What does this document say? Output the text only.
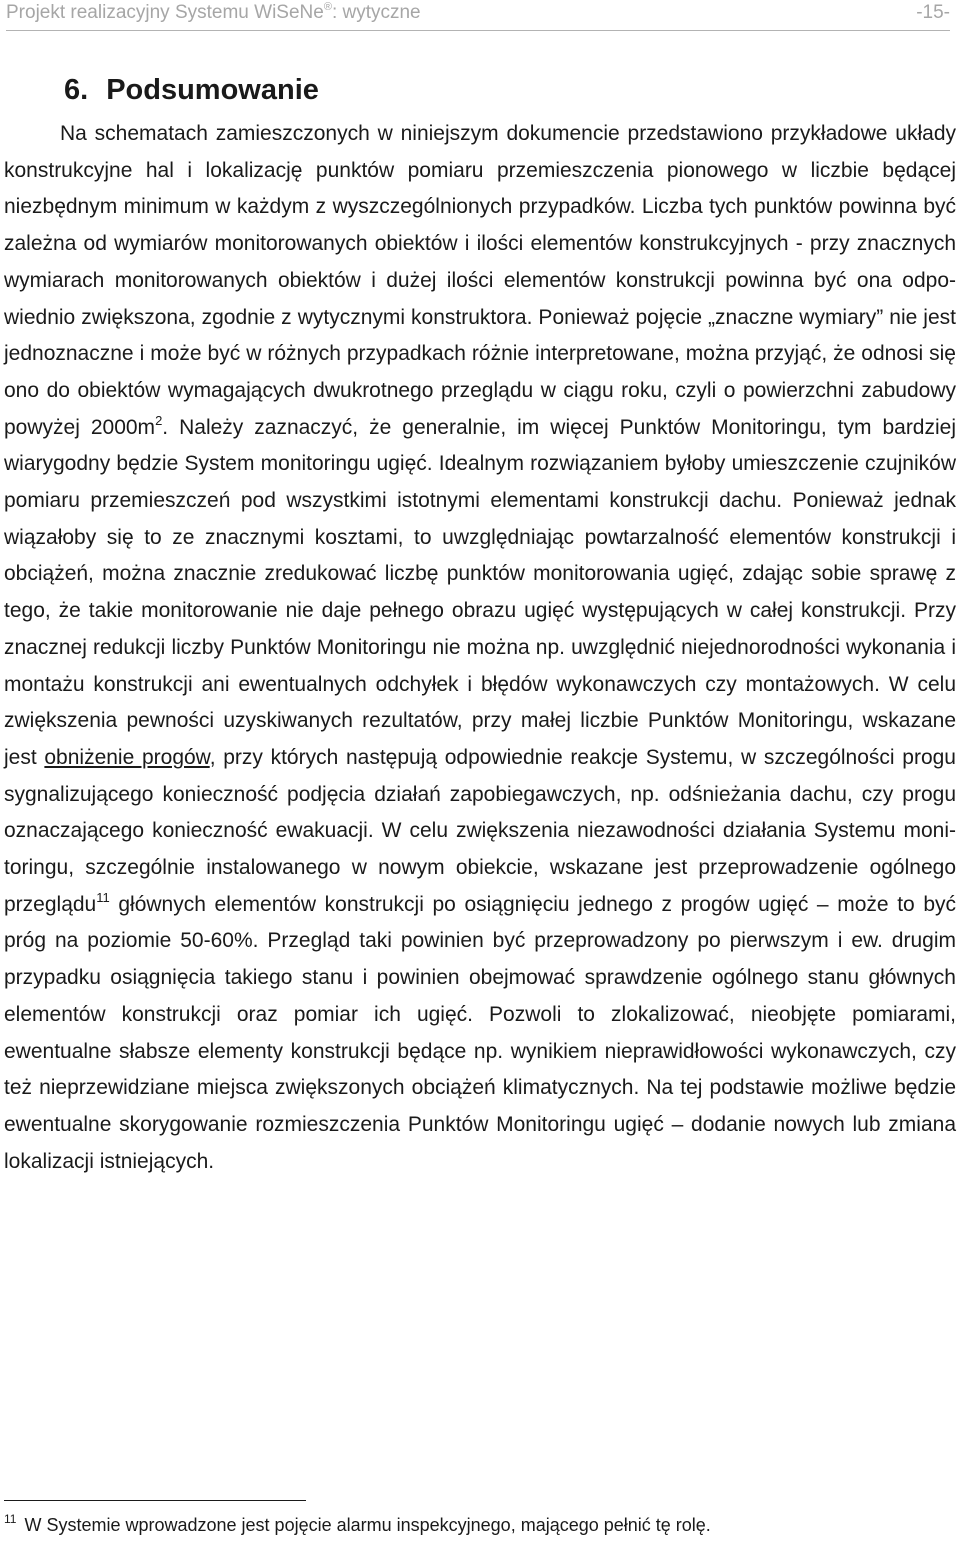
Projekt realizacyjny Systemu WiSeNe®: wytyczne	-15-
6. Podsumowanie

Na schematach zamieszczonych w niniejszym dokumencie przedstawiono przykładowe układy konstrukcyjne hal i lokalizację punktów pomiaru przemieszczenia pionowego w liczbie będącej niezbędnym minimum w każdym z wyszczególnionych przypadków. Liczba tych punktów powinna być zależna od wymiarów monitorowanych obiektów i ilości elementów konstrukcyjnych - przy znacznych wymiarach monitorowanych obiektów i dużej ilości elementów konstrukcji powinna być ona odpowiednio zwiększona, zgodnie z wytycznymi konstruktora. Ponieważ pojęcie „znaczne wymiary” nie jest jednoznaczne i może być w różnych przypadkach różnie interpretowane, można przyjąć, że odnosi się ono do obiektów wymagających dwukrotnego przeglądu w ciągu roku, czyli o powierzchni zabudowy powyżej $2000m^2$. Należy zaznaczyć, że generalnie, im więcej Punktów Monitoringu, tym bardziej wiarygodny będzie System monitoringu ugięć. Idealnym rozwiązaniem byłoby umieszczenie czujników pomiaru przemieszczeń pod wszystkimi istotnymi elementami konstrukcji dachu. Ponieważ jednak wiązałoby się to ze znacznymi kosztami, to uwzględniając powtarzalność elementów konstrukcji i obciążeń, można znacznie zredukować liczbę punktów monitorowania ugięć, zdając sobie sprawę z tego, że takie monitorowanie nie daje pełnego obrazu ugięć występujących w całej konstrukcji. Przy znacznej redukcji liczby Punktów Monitoringu nie można np. uwzględnić niejednorodności wykonania i montażu konstrukcji ani ewentualnych odchyłek i błędów wykonawczych czy montażowych. W celu zwiększenia pewności uzyskiwanych rezultatów, przy małej liczbie Punktów Monitoringu, wskazane jest obniżenie progów, przy których następują odpowiednie reakcje Systemu, w szczególności progu sygnalizującego konieczność podjęcia działań zapobiegawczych, np. odśnieżania dachu, czy progu oznaczającego konieczność ewakuacji. W celu zwiększenia niezawodności działania Systemu monitoringu, szczególnie instalowanego w nowym obiekcie, wskazane jest przeprowadzenie ogólnego przeglądu$^{11}$ głównych elementów konstrukcji po osiągnięciu jednego z progów ugięć – może to być próg na poziomie 50-60%. Przegląd taki powinien być przeprowadzony po pierwszym i ew. drugim przypadku osiągnięcia takiego stanu i powinien obejmować sprawdzenie ogólnego stanu głównych elementów konstrukcji oraz pomiar ich ugięć. Pozwoli to zlokalizować, nieobjęte pomiarami, ewentualne słabsze elementy konstrukcji będące np. wynikiem nieprawidłowości wykonawczych, czy też nieprzewidziane miejsca zwiększonych obciążeń klimatycznych. Na tej podstawie możliwe będzie ewentualne skorygowanie rozmieszczenia Punktów Monitoringu ugięć – dodanie nowych lub zmiana lokalizacji istniejących.

$^{11}$ W Systemie wprowadzone jest pojęcie alarmu inspekcyjnego, mającego pełnić tę rolę.
